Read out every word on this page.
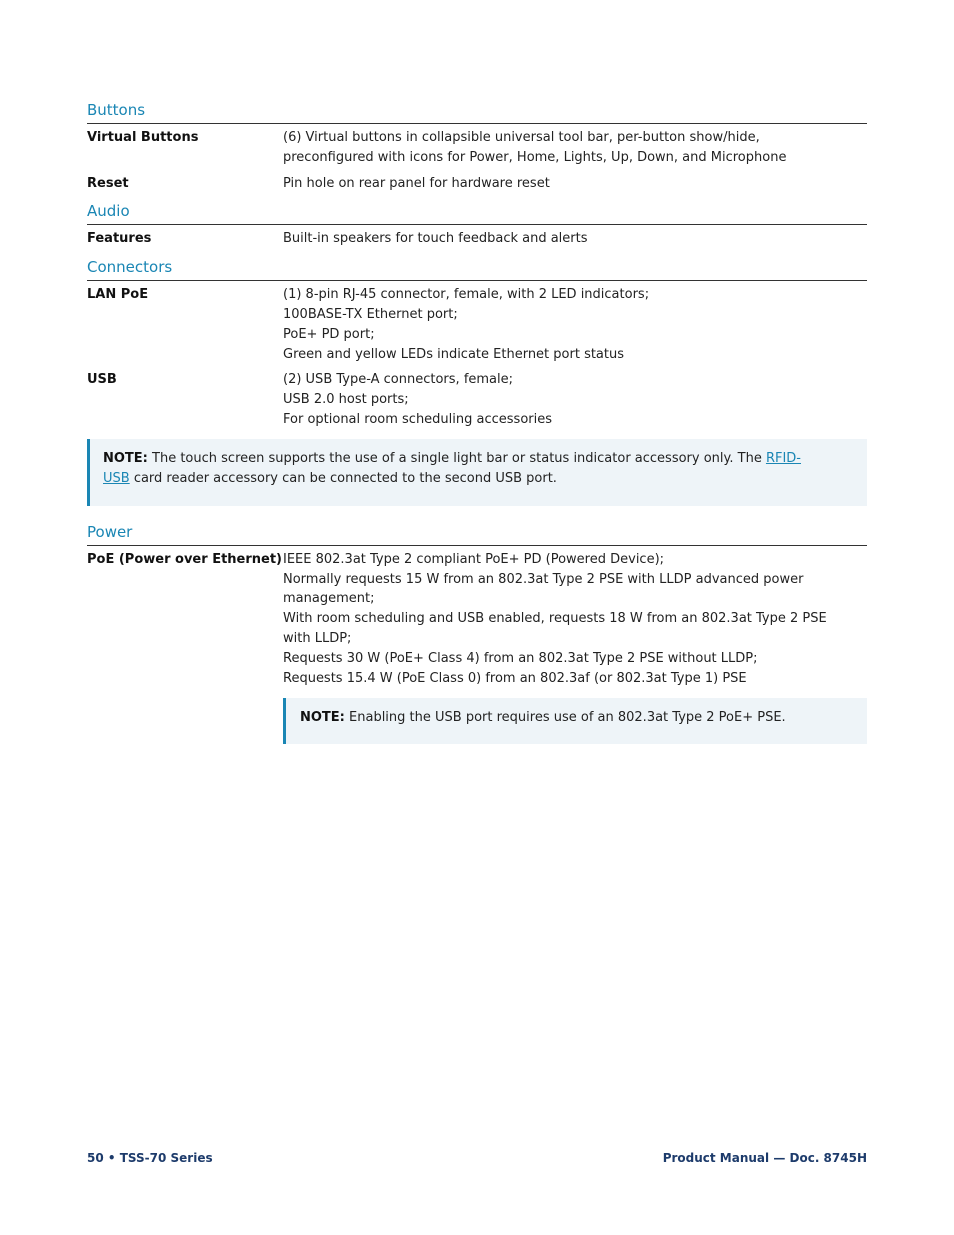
Buttons
Virtual Buttons	(6) Virtual buttons in collapsible universal tool bar, per-button show/hide,
preconfigured with icons for Power, Home, Lights, Up, Down, and Microphone
Reset	Pin hole on rear panel for hardware reset
Audio
Features	Built-in speakers for touch feedback and alerts
Connectors
LAN PoE	(1) 8-pin RJ-45 connector, female, with 2 LED indicators;
100BASE-TX Ethernet port;
PoE+ PD port;
Green and yellow LEDs indicate Ethernet port status
USB	(2) USB Type-A connectors, female;
USB 2.0 host ports;
For optional room scheduling accessories
NOTE: The touch screen supports the use of a single light bar or status indicator accessory only. The RFID-
USB card reader accessory can be connected to the second USB port.
Power
PoE (Power over Ethernet) IEEE 802.3at Type 2 compliant PoE+ PD (Powered Device);
Normally requests 15 W from an 802.3at Type 2 PSE with LLDP advanced power
management;
With room scheduling and USB enabled, requests 18 W from an 802.3at Type 2 PSE
with LLDP;
Requests 30 W (PoE+ Class 4) from an 802.3at Type 2 PSE without LLDP;
Requests 15.4 W (PoE Class 0) from an 802.3af (or 802.3at Type 1) PSE
NOTE: Enabling the USB port requires use of an 802.3at Type 2 PoE+ PSE.
50 • TSS-70 Series	Product Manual — Doc. 8745H
